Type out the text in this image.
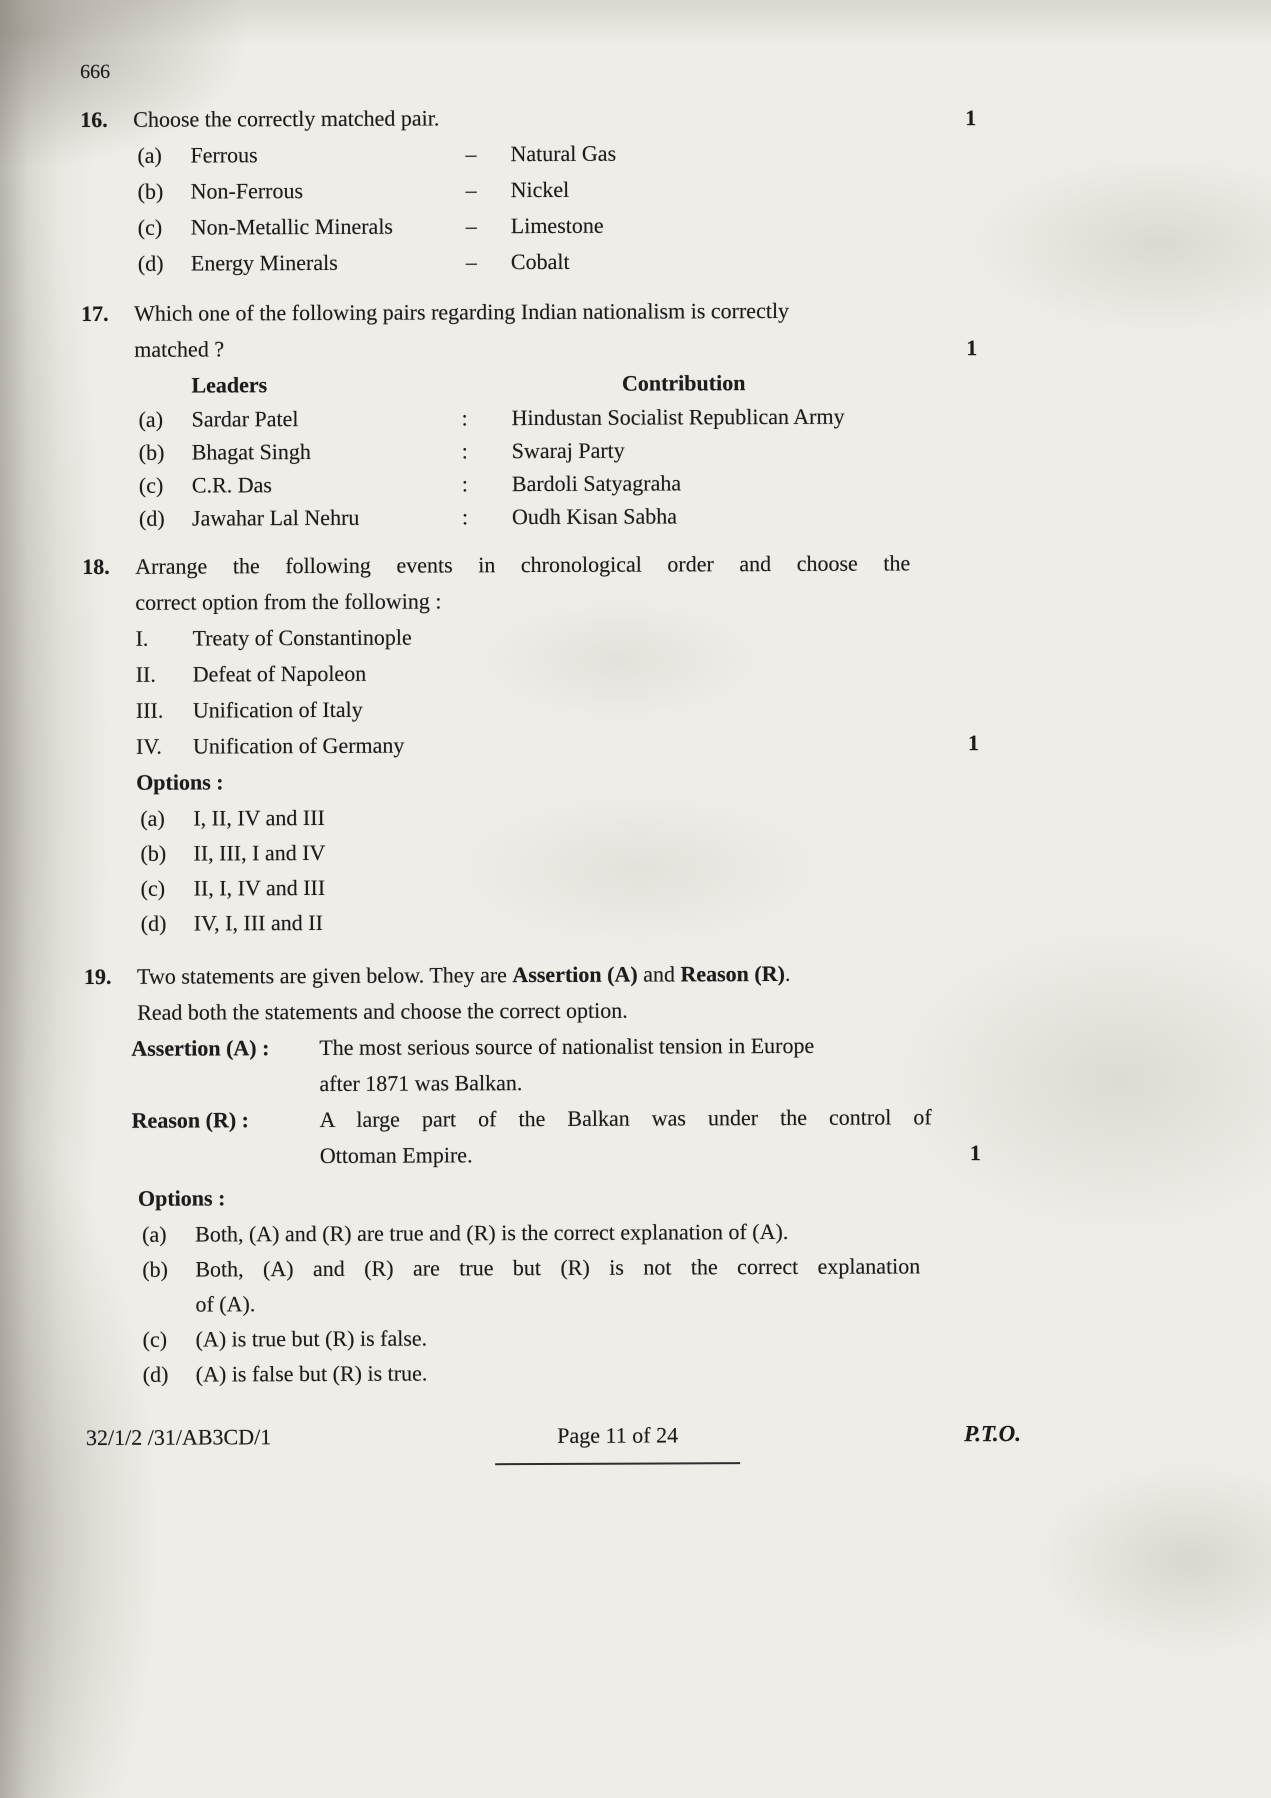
666
16.	Choose the correctly matched pair.	1
(a)	Ferrous	–	Natural Gas
(b)	Non-Ferrous	–	Nickel
(c)	Non-Metallic Minerals	–	Limestone
(d)	Energy Minerals	–	Cobalt
17.	Which one of the following pairs regarding Indian nationalism is correctly
matched ?	1
Leaders	Contribution
(a)	Sardar Patel	:	Hindustan Socialist Republican Army
(b)	Bhagat Singh	:	Swaraj Party
(c)	C.R. Das	:	Bardoli Satyagraha
(d)	Jawahar Lal Nehru	:	Oudh Kisan Sabha
18.	Arrange the following events in chronological order and choose the
correct option from the following :
1
I.	Treaty of Constantinople
II.	Defeat of Napoleon
III.	Unification of Italy
IV.	Unification of Germany
Options :
(a)	I, II, IV and III
(b)	II, III, I and IV
(c)	II, I, IV and III
(d)	IV, I, III and II
19.	Two statements are given below. They are Assertion (A) and Reason (R).
Read both the statements and choose the correct option.
1
Assertion (A) :	The most serious source of nationalist tension in Europe
after 1871 was Balkan.
Reason (R) :	A large part of the Balkan was under the control of
Ottoman Empire.
Options :
(a)	Both, (A) and (R) are true and (R) is the correct explanation of (A).
(b)	Both, (A) and (R) are true but (R) is not the correct explanation
of (A).
(c)	(A) is true but (R) is false.
(d)	(A) is false but (R) is true.
32/1/2 /31/AB3CD/1	Page 11 of 24	P.T.O.
